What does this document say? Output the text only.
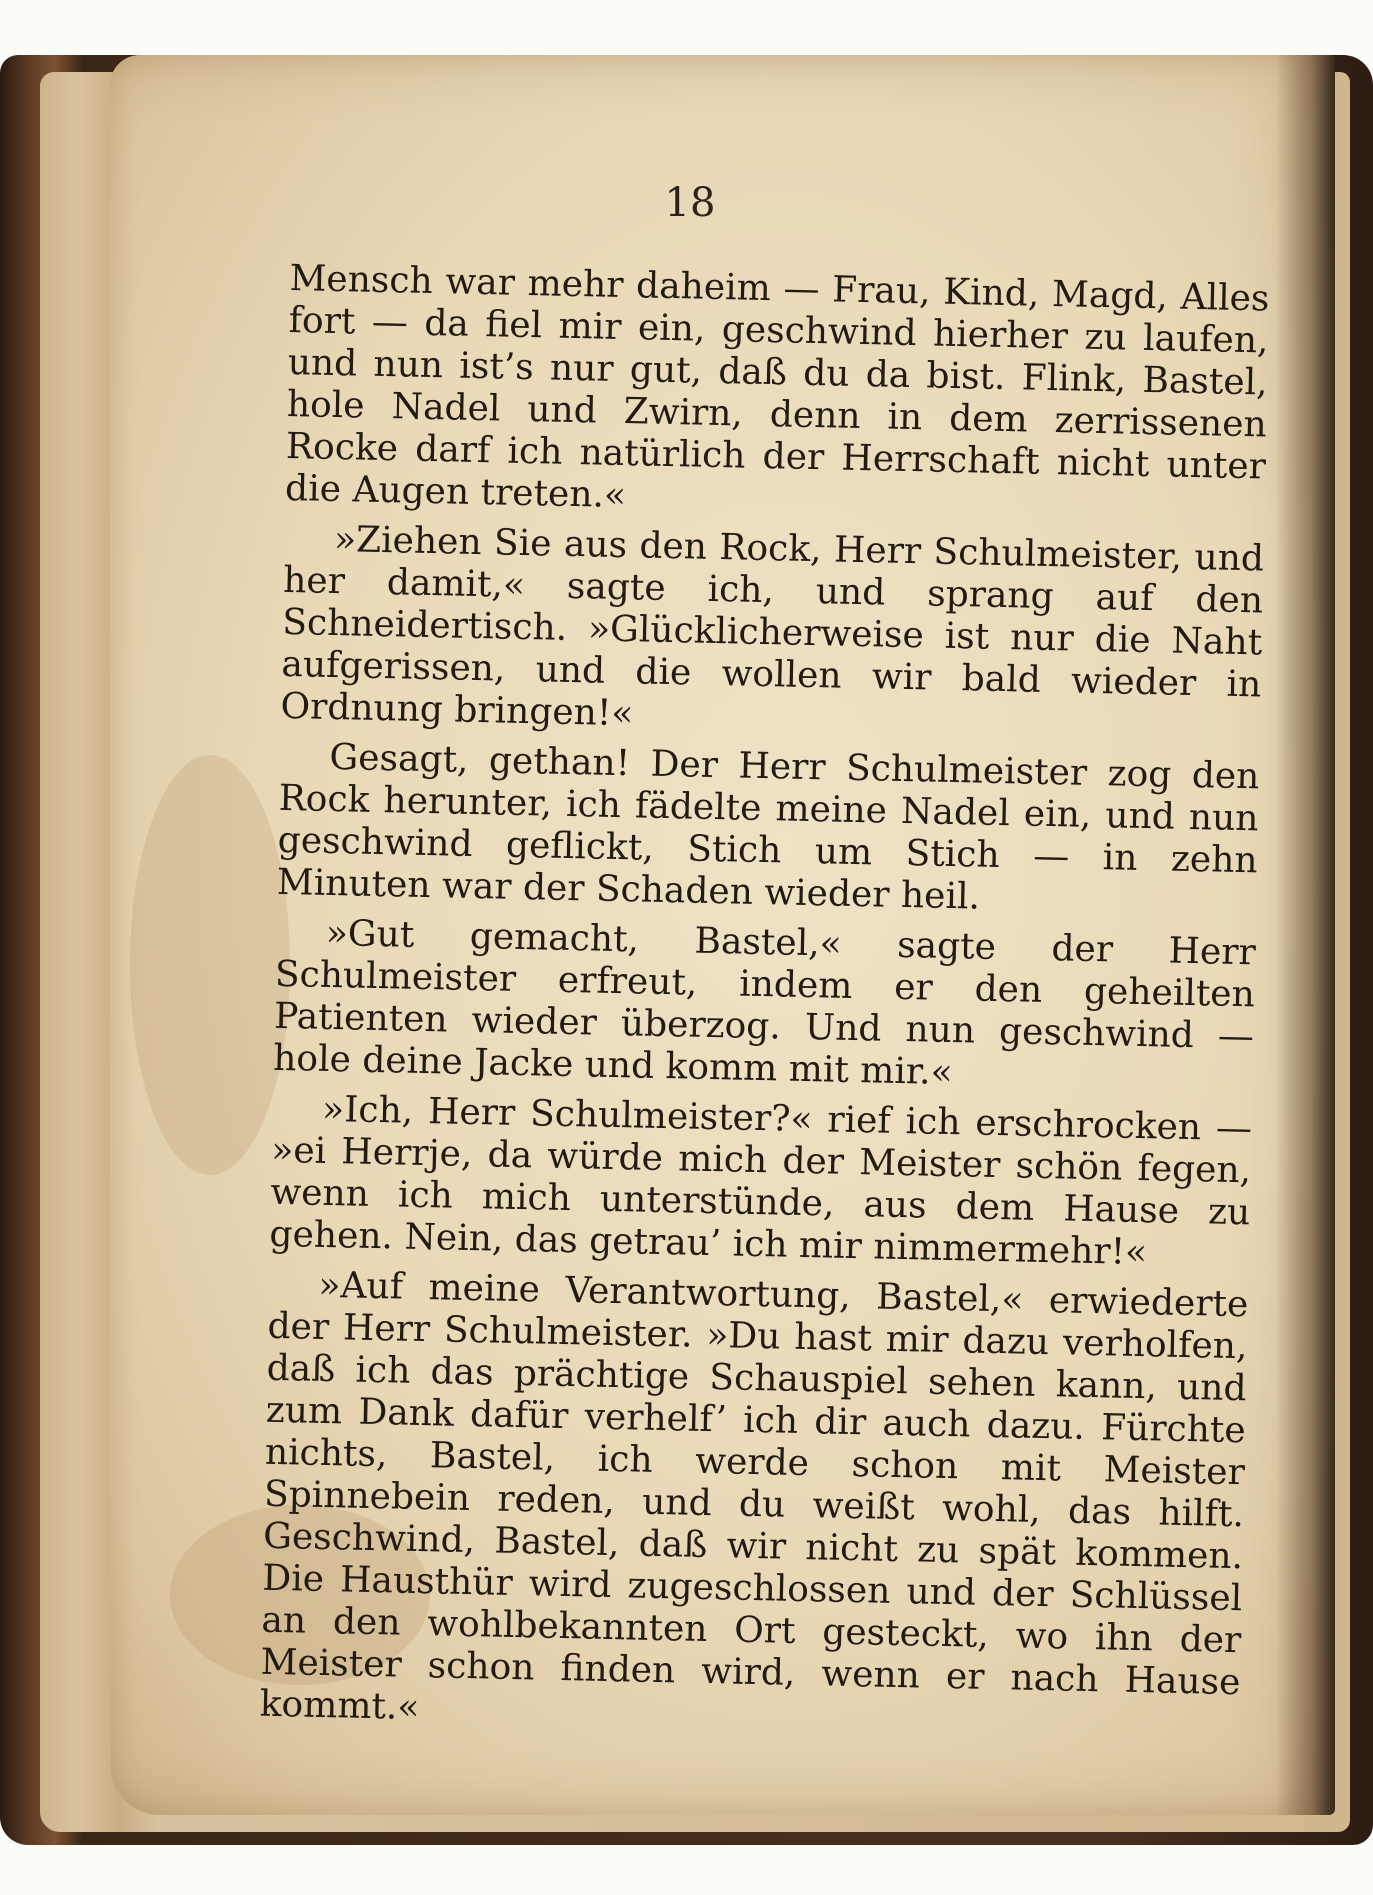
18

Mensch war mehr daheim — Frau, Kind, Magd, Alles fort — da fiel mir ein, geschwind hierher zu laufen, und nun ist’s nur gut, daß du da bist. Flink, Bastel, hole Nadel und Zwirn, denn in dem zerrissenen Rocke darf ich natürlich der Herrschaft nicht unter die Augen treten.«

»Ziehen Sie aus den Rock, Herr Schulmeister, und her damit,« sagte ich, und sprang auf den Schneidertisch. »Glücklicherweise ist nur die Naht aufgerissen, und die wollen wir bald wieder in Ordnung bringen!«

Gesagt, gethan! Der Herr Schulmeister zog den Rock herunter, ich fädelte meine Nadel ein, und nun geschwind geflickt, Stich um Stich — in zehn Minuten war der Schaden wieder heil.

»Gut gemacht, Bastel,« sagte der Herr Schulmeister erfreut, indem er den geheilten Patienten wieder überzog. Und nun geschwind — hole deine Jacke und komm mit mir.«

»Ich, Herr Schulmeister?« rief ich erschrocken — »ei Herrje, da würde mich der Meister schön fegen, wenn ich mich unterstünde, aus dem Hause zu gehen. Nein, das getrau’ ich mir nimmermehr!«

»Auf meine Verantwortung, Bastel,« erwiederte der Herr Schulmeister. »Du hast mir dazu verholfen, daß ich das prächtige Schauspiel sehen kann, und zum Dank dafür verhelf’ ich dir auch dazu. Fürchte nichts, Bastel, ich werde schon mit Meister Spinnebein reden, und du weißt wohl, das hilft. Geschwind, Bastel, daß wir nicht zu spät kommen. Die Hausthür wird zugeschlossen und der Schlüssel an den wohlbekannten Ort gesteckt, wo ihn der Meister schon finden wird, wenn er nach Hause kommt.«
